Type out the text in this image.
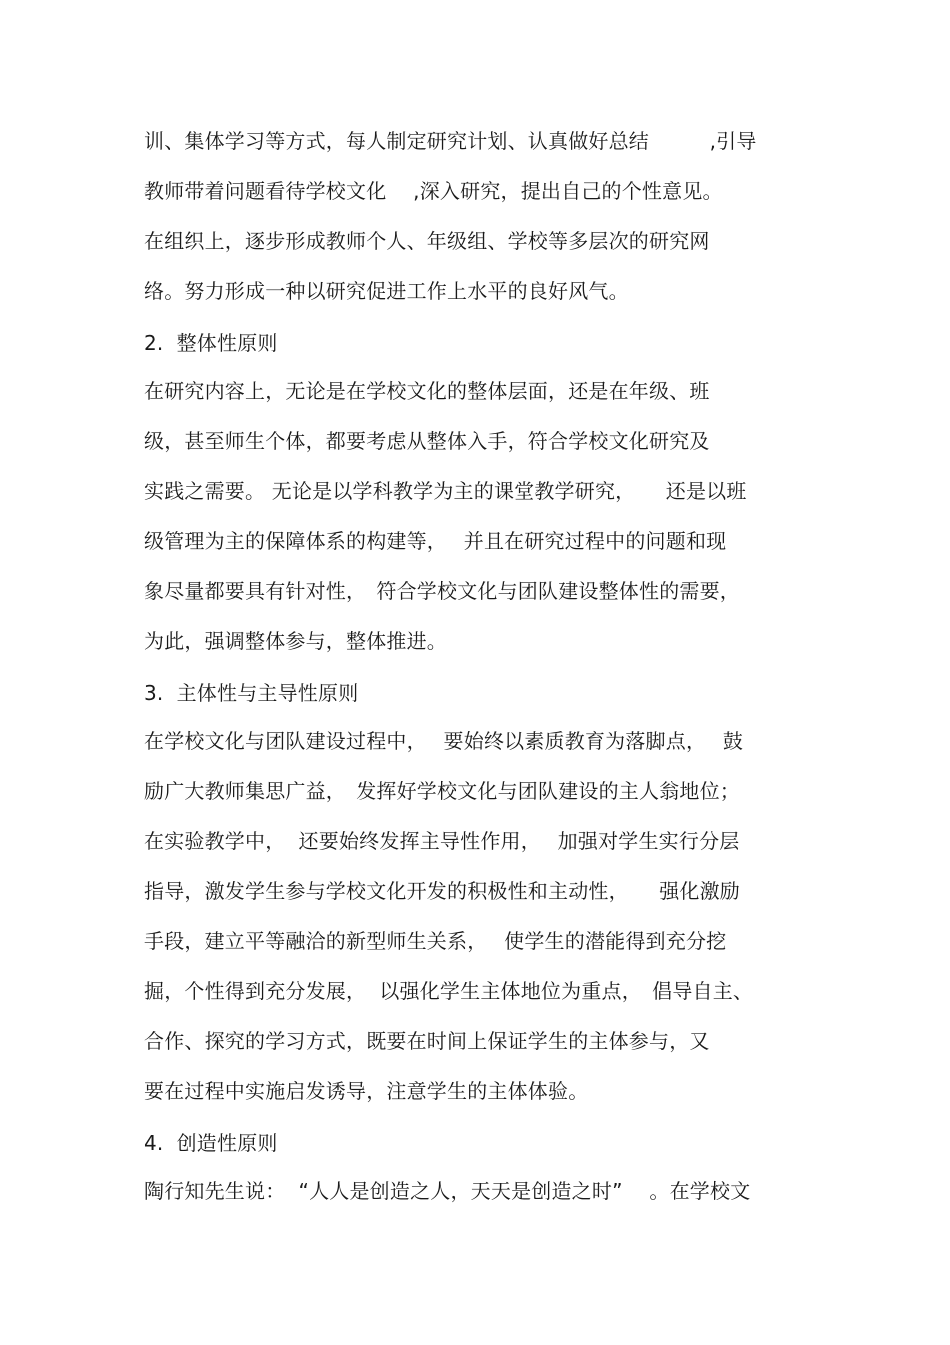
训、集体学习等方式，每人制定研究计划、认真做好总结　　　,引导
教师带着问题看待学校文化　 ,深入研究，提出自己的个性意见。
在组织上，逐步形成教师个人、年级组、学校等多层次的研究网
络。努力形成一种以研究促进工作上水平的良好风气。
2.  整体性原则
在研究内容上，无论是在学校文化的整体层面，还是在年级、班
级，甚至师生个体，都要考虑从整体入手，符合学校文化研究及
实践之需要。 无论是以学科教学为主的课堂教学研究，　　还是以班
级管理为主的保障体系的构建等，　 并且在研究过程中的问题和现
象尽量都要具有针对性，　符合学校文化与团队建设整体性的需要，
为此，强调整体参与，整体推进。
3.  主体性与主导性原则
在学校文化与团队建设过程中，　 要始终以素质教育为落脚点，　 鼓
励广大教师集思广益，　发挥好学校文化与团队建设的主人翁地位；
在实验教学中，  还要始终发挥主导性作用，　 加强对学生实行分层
指导，激发学生参与学校文化开发的积极性和主动性，　　强化激励
手段，建立平等融洽的新型师生关系，　 使学生的潜能得到充分挖
掘，个性得到充分发展，  以强化学生主体地位为重点，　倡导自主、
合作、探究的学习方式，既要在时间上保证学生的主体参与，又
要在过程中实施启发诱导，注意学生的主体体验。
4.  创造性原则
陶行知先生说：  “人人是创造之人，天天是创造之时”　 。在学校文
